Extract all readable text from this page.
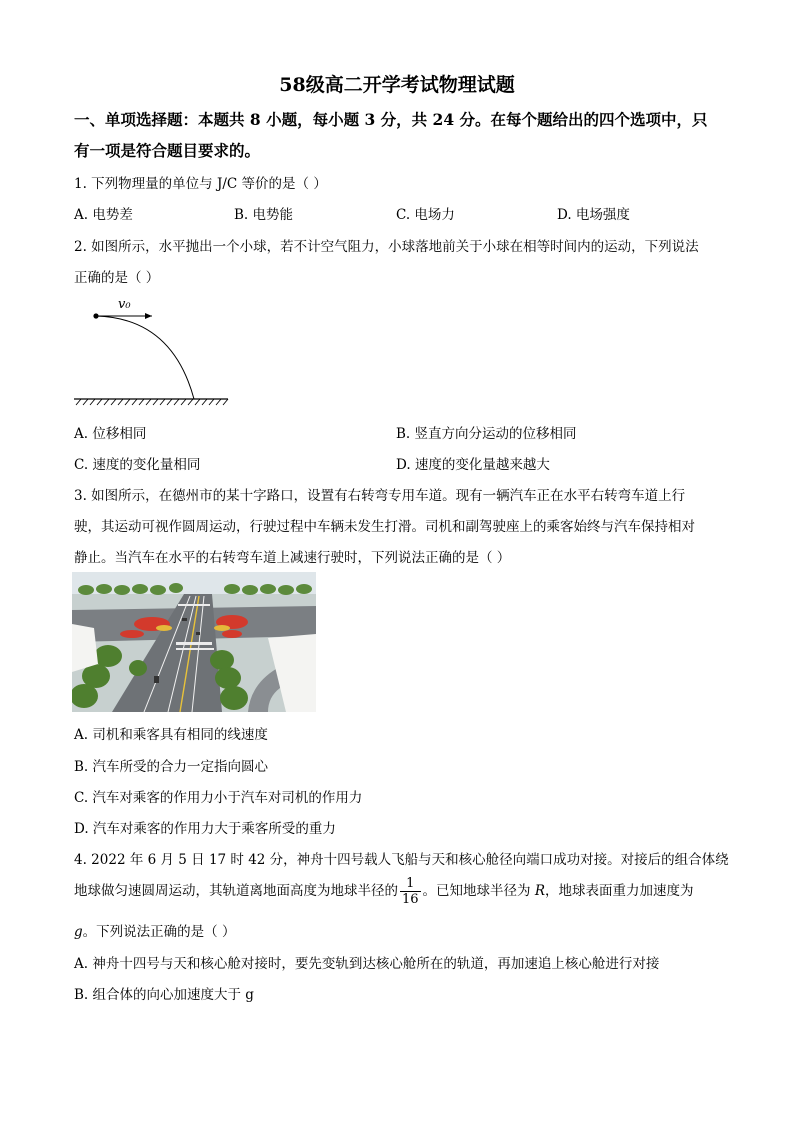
58级高二开学考试物理试题
一、单项选择题：本题共 8 小题，每小题 3 分，共 24 分。在每个题给出的四个选项中，只
有一项是符合题目要求的。
1. 下列物理量的单位与 J/C 等价的是（ ）
A. 电势差	B. 电势能	C. 电场力	D. 电场强度
2. 如图所示，水平抛出一个小球，若不计空气阻力，小球落地前关于小球在相等时间内的运动，下列说法
正确的是（ ）
v₀
A. 位移相同	B. 竖直方向分运动的位移相同
C. 速度的变化量相同	D. 速度的变化量越来越大
3. 如图所示，在德州市的某十字路口，设置有右转弯专用车道。现有一辆汽车正在水平右转弯车道上行
驶，其运动可视作圆周运动，行驶过程中车辆未发生打滑。司机和副驾驶座上的乘客始终与汽车保持相对
静止。当汽车在水平的右转弯车道上减速行驶时，下列说法正确的是（ ）
A. 司机和乘客具有相同的线速度
B. 汽车所受的合力一定指向圆心
C. 汽车对乘客的作用力小于汽车对司机的作用力
D. 汽车对乘客的作用力大于乘客所受的重力
4. 2022 年 6 月 5 日 17 时 42 分，神舟十四号载人飞船与天和核心舱径向端口成功对接。对接后的组合体绕
地球做匀速圆周运动，其轨道离地面高度为地球半径的 $\frac{1}{16}$ 。已知地球半径为 R，地球表面重力加速度为
g。下列说法正确的是（ ）
A. 神舟十四号与天和核心舱对接时，要先变轨到达核心舱所在的轨道，再加速追上核心舱进行对接
B. 组合体的向心加速度大于 g
